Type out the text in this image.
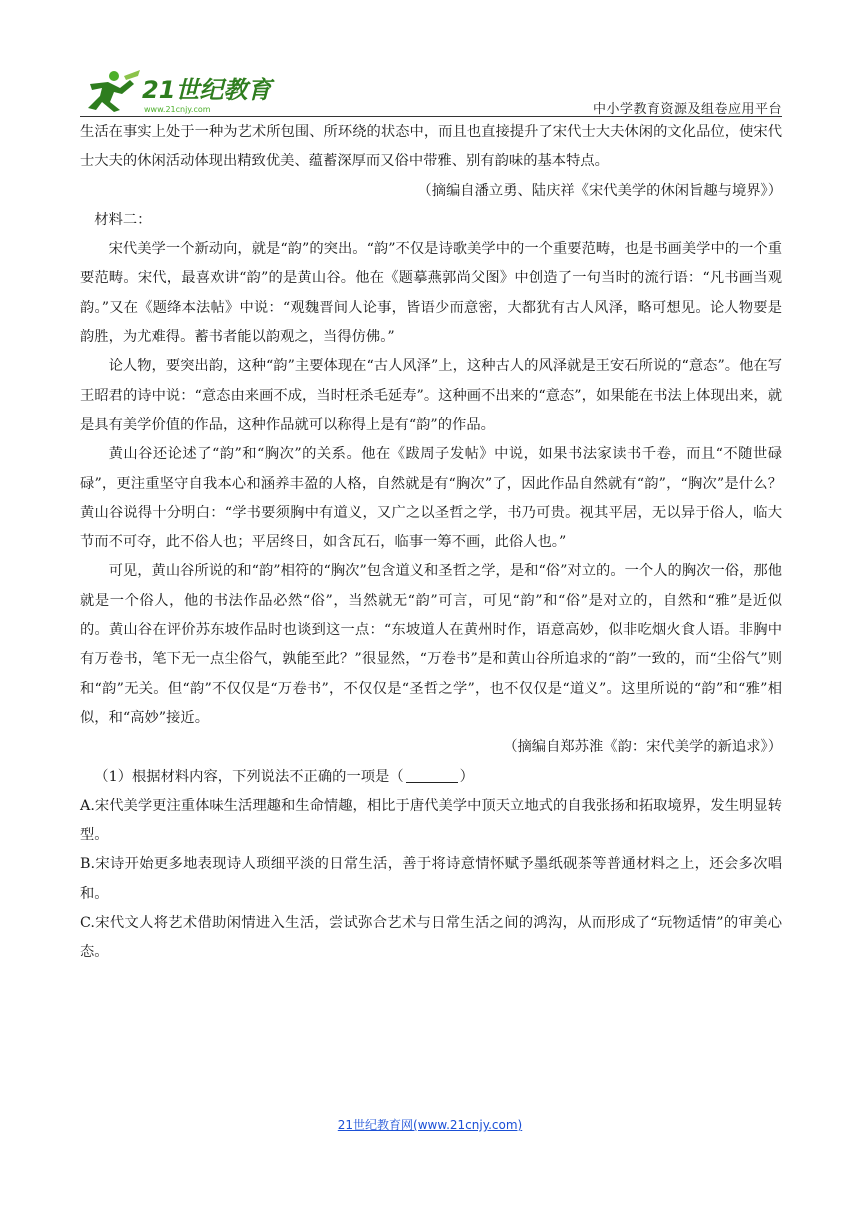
21世纪教育
www.21cnjy.com	中小学教育资源及组卷应用平台

生活在事实上处于一种为艺术所包围、所环绕的状态中，而且也直接提升了宋代士大夫休闲的文化品位，使宋代士大夫的休闲活动体现出精致优美、蕴蓄深厚而又俗中带雅、别有韵味的基本特点。

（摘编自潘立勇、陆庆祥《宋代美学的休闲旨趣与境界》）

材料二：

宋代美学一个新动向，就是“韵”的突出。“韵”不仅是诗歌美学中的一个重要范畴，也是书画美学中的一个重要范畴。宋代，最喜欢讲“韵”的是黄山谷。他在《题摹燕郭尚父图》中创造了一句当时的流行语：“凡书画当观韵。”又在《题绛本法帖》中说：“观魏晋间人论事，皆语少而意密，大都犹有古人风泽，略可想见。论人物要是韵胜，为尤难得。蓄书者能以韵观之，当得仿佛。”

论人物，要突出韵，这种“韵”主要体现在“古人风泽”上，这种古人的风泽就是王安石所说的“意态”。他在写王昭君的诗中说：“意态由来画不成，当时枉杀毛延寿”。这种画不出来的“意态”，如果能在书法上体现出来，就是具有美学价值的作品，这种作品就可以称得上是有“韵”的作品。

黄山谷还论述了“韵”和“胸次”的关系。他在《跋周子发帖》中说，如果书法家读书千卷，而且“不随世碌碌”，更注重坚守自我本心和涵养丰盈的人格，自然就是有“胸次”了，因此作品自然就有“韵”，“胸次”是什么？黄山谷说得十分明白：“学书要须胸中有道义，又广之以圣哲之学，书乃可贵。视其平居，无以异于俗人，临大节而不可夺，此不俗人也；平居终日，如含瓦石，临事一筹不画，此俗人也。”

可见，黄山谷所说的和“韵”相符的“胸次”包含道义和圣哲之学，是和“俗”对立的。一个人的胸次一俗，那他就是一个俗人，他的书法作品必然“俗”，当然就无“韵”可言，可见“韵”和“俗”是对立的，自然和“雅”是近似的。黄山谷在评价苏东坡作品时也谈到这一点：“东坡道人在黄州时作，语意高妙，似非吃烟火食人语。非胸中有万卷书，笔下无一点尘俗气，孰能至此？”很显然，“万卷书”是和黄山谷所追求的“韵”一致的，而“尘俗气”则和“韵”无关。但“韵”不仅仅是“万卷书”，不仅仅是“圣哲之学”，也不仅仅是“道义”。这里所说的“韵”和“雅”相似，和“高妙”接近。

（摘编自郑苏淮《韵：宋代美学的新追求》）

（1）根据材料内容，下列说法不正确的一项是（	）

A.宋代美学更注重体味生活理趣和生命情趣，相比于唐代美学中顶天立地式的自我张扬和拓取境界，发生明显转型。

B.宋诗开始更多地表现诗人琐细平淡的日常生活，善于将诗意情怀赋予墨纸砚茶等普通材料之上，还会多次唱和。

C.宋代文人将艺术借助闲情进入生活，尝试弥合艺术与日常生活之间的鸿沟，从而形成了“玩物适情”的审美心态。

21世纪教育网(www.21cnjy.com)
